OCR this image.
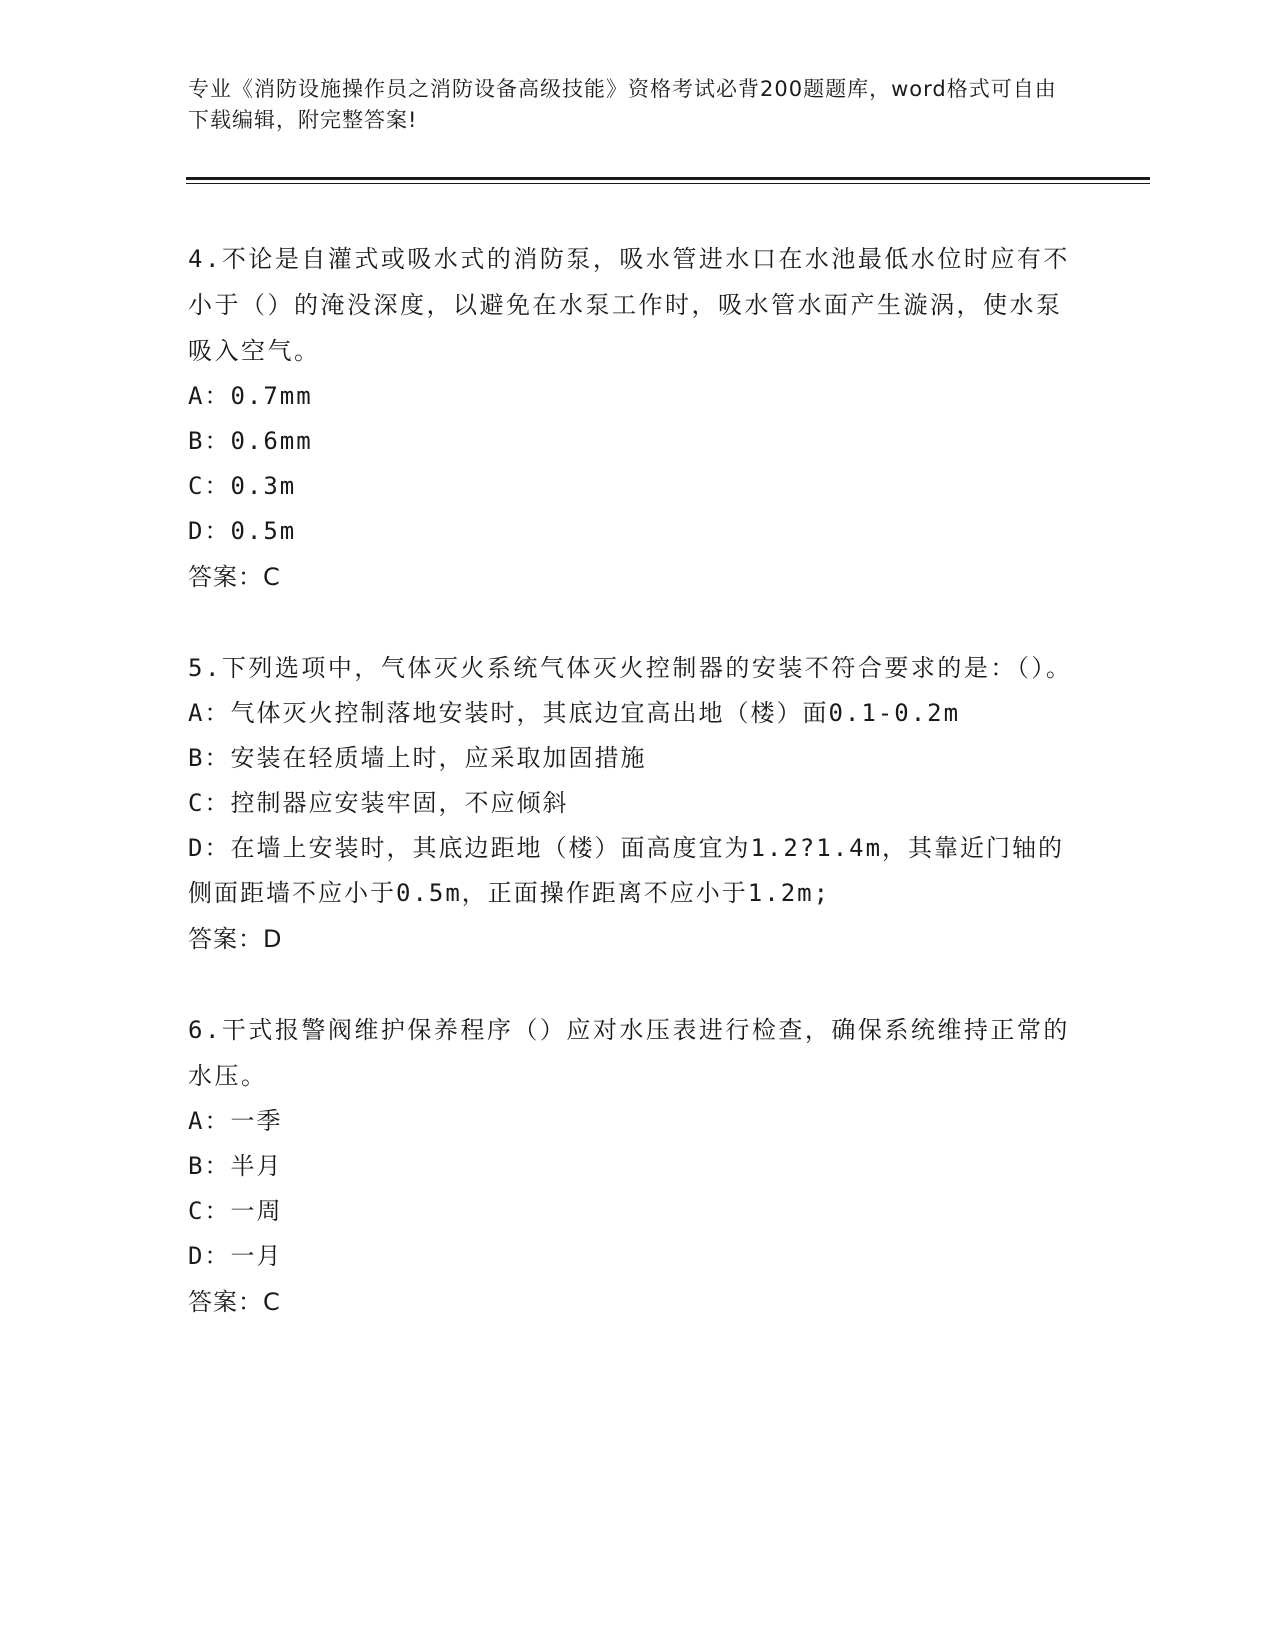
专业《消防设施操作员之消防设备高级技能》资格考试必背200题题库，word格式可自由下载编辑，附完整答案!

4.不论是自灌式或吸水式的消防泵，吸水管进水口在水池最低水位时应有不小于（）的淹没深度，以避免在水泵工作时，吸水管水面产生漩涡，使水泵吸入空气。

A：0.7mm

B：0.6mm

C：0.3m

D：0.5m

答案：C

5.下列选项中，气体灭火系统气体灭火控制器的安装不符合要求的是：（）。

A：气体灭火控制落地安装时，其底边宜高出地（楼）面0.1-0.2m

B：安装在轻质墙上时，应采取加固措施

C：控制器应安装牢固，不应倾斜

D：在墙上安装时，其底边距地（楼）面高度宜为1.2?1.4m，其靠近门轴的侧面距墙不应小于0.5m，正面操作距离不应小于1.2m;

答案：D

6.干式报警阀维护保养程序（）应对水压表进行检查，确保系统维持正常的水压。

A：一季

B：半月

C：一周

D：一月

答案：C
